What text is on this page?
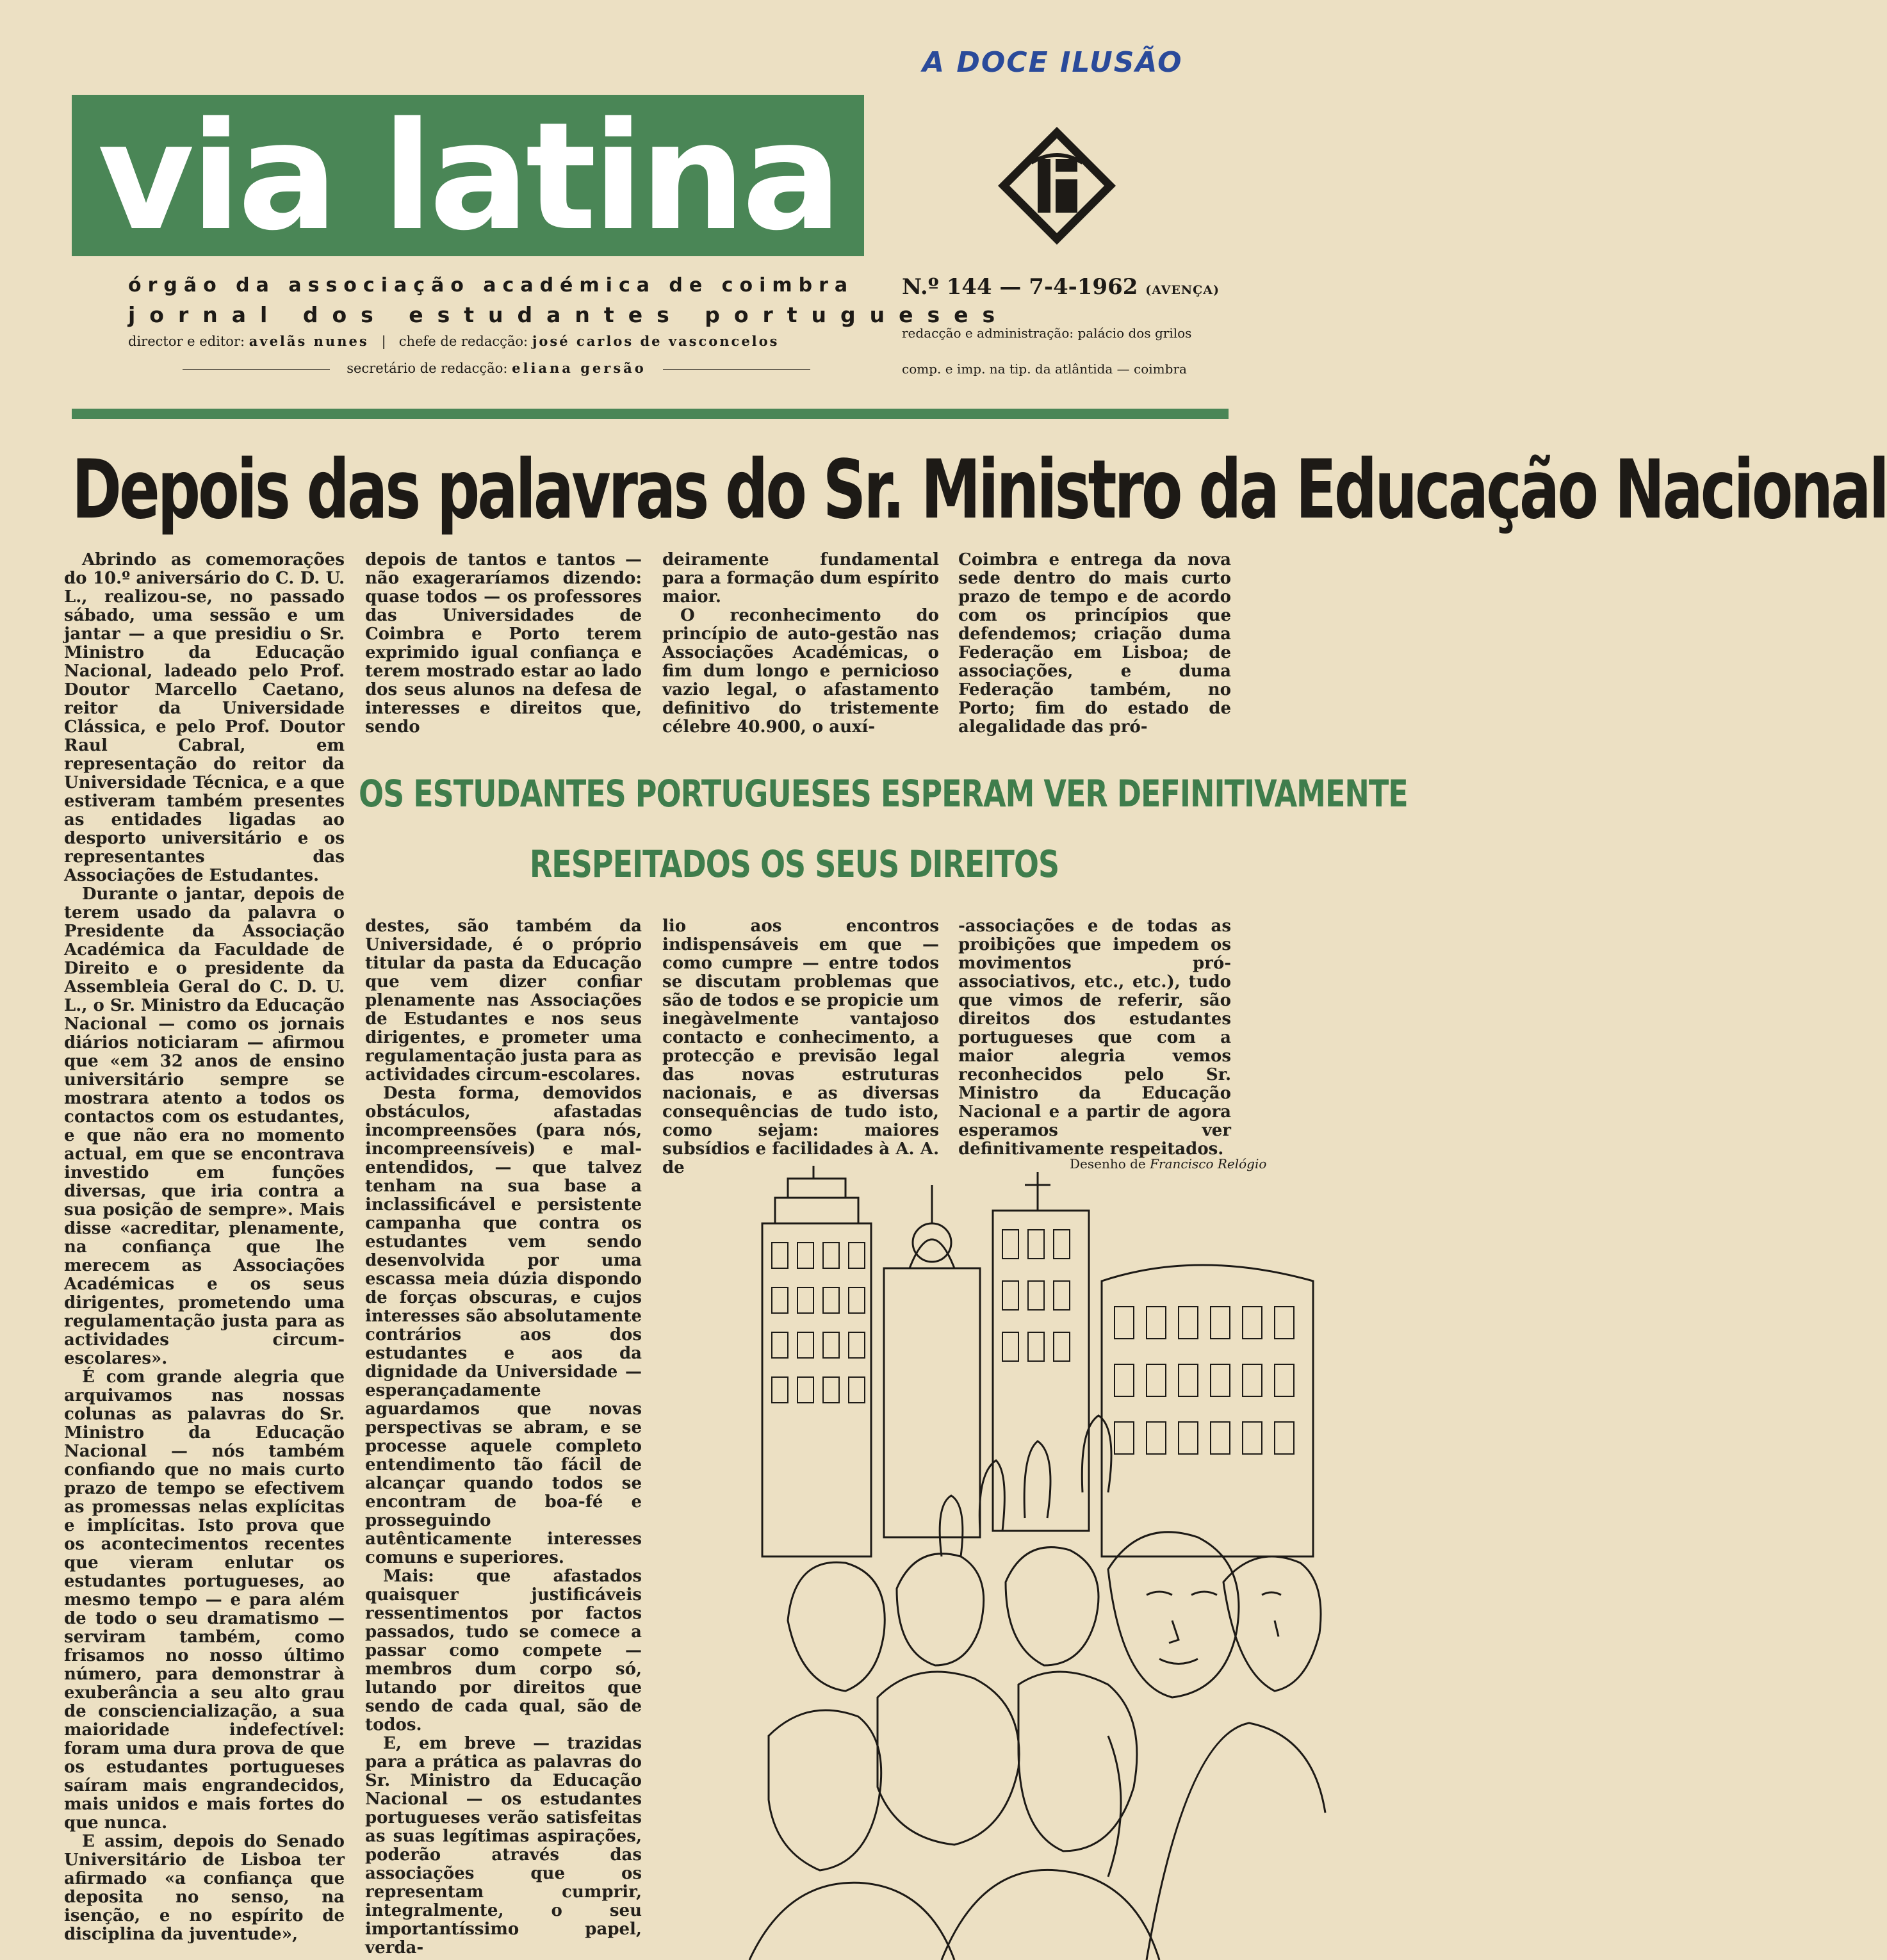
A DOCE ILUSÃO
via latina
órgão da associação académica de coimbra
jornal dos estudantes portugueses
director e editor: avelãs nunes   |   chefe de redacção: josé carlos de vasconcelos
secretário de redacção: eliana gersão
N.º 144 — 7-4-1962 (AVENÇA)
redacção e administração: palácio dos grilos
comp. e imp. na tip. da atlântida — coimbra
Depois das palavras do Sr. Ministro da Educação Nacional

Abrindo as comemorações do 10.º aniversário do C. D. U. L., realizou-se, no passado sábado, uma sessão e um jantar — a que presidiu o Sr. Ministro da Educação Nacional, ladeado pelo Prof. Doutor Marcello Caetano, reitor da Universidade Clássica, e pelo Prof. Doutor Raul Cabral, em representação do reitor da Universidade Técnica, e a que estiveram também presentes as entidades ligadas ao desporto universitário e os representantes das Associações de Estudantes.

Durante o jantar, depois de terem usado da palavra o Presidente da Associação Académica da Faculdade de Direito e o presidente da Assembleia Geral do C. D. U. L., o Sr. Ministro da Educação Nacional — como os jornais diários noticiaram — afirmou que «em 32 anos de ensino universitário sempre se mostrara atento a todos os contactos com os estudantes, e que não era no momento actual, em que se encontrava investido em funções diversas, que iria contra a sua posição de sempre». Mais disse «acreditar, plenamente, na confiança que lhe merecem as Associações Académicas e os seus dirigentes, prometendo uma regulamentação justa para as actividades circum-escolares».

É com grande alegria que arquivamos nas nossas colunas as palavras do Sr. Ministro da Educação Nacional — nós também confiando que no mais curto prazo de tempo se efectivem as promessas nelas explícitas e implícitas. Isto prova que os acontecimentos recentes que vieram enlutar os estudantes portugueses, ao mesmo tempo — e para além de todo o seu dramatismo — serviram também, como frisamos no nosso último número, para demonstrar à exuberância a seu alto grau de consciencialização, a sua maioridade indefectível: foram uma dura prova de que os estudantes portugueses saíram mais engrandecidos, mais unidos e mais fortes do que nunca.

E assim, depois do Senado Universitário de Lisboa ter afirmado «a confiança que deposita no senso, na isenção, e no espírito de disciplina da juventude»,

depois de tantos e tantos — não exageraríamos dizendo: quase todos — os professores das Universidades de Coimbra e Porto terem exprimido igual confiança e terem mostrado estar ao lado dos seus alunos na defesa de interesses e direitos que, sendo

deiramente fundamental para a formação dum espírito maior.

O reconhecimento do princípio de auto-gestão nas Associações Académicas, o fim dum longo e pernicioso vazio legal, o afastamento definitivo do tristemente célebre 40.900, o auxí-

Coimbra e entrega da nova sede dentro do mais curto prazo de tempo e de acordo com os princípios que defendemos; criação duma Federação em Lisboa; de associações, e duma Federação também, no Porto; fim do estado de alegalidade das pró-

OS ESTUDANTES PORTUGUESES ESPERAM VER DEFINITIVAMENTE
RESPEITADOS OS SEUS DIREITOS

destes, são também da Universidade, é o próprio titular da pasta da Educação que vem dizer confiar plenamente nas Associações de Estudantes e nos seus dirigentes, e prometer uma regulamentação justa para as actividades circum-escolares.

Desta forma, demovidos obstáculos, afastadas incompreensões (para nós, incompreensíveis) e mal-entendidos, — que talvez tenham na sua base a inclassificável e persistente campanha que contra os estudantes vem sendo desenvolvida por uma escassa meia dúzia dispondo de forças obscuras, e cujos interesses são absolutamente contrários aos dos estudantes e aos da dignidade da Universidade — esperançadamente aguardamos que novas perspectivas se abram, e se processe aquele completo entendimento tão fácil de alcançar quando todos se encontram de boa-fé e prosseguindo autênticamente interesses comuns e superiores.

Mais: que afastados quaisquer justificáveis ressentimentos por factos passados, tudo se comece a passar como compete — membros dum corpo só, lutando por direitos que sendo de cada qual, são de todos.

E, em breve — trazidas para a prática as palavras do Sr. Ministro da Educação Nacional — os estudantes portugueses verão satisfeitas as suas legítimas aspirações, poderão através das associações que os representam cumprir, integralmente, o seu importantíssimo papel, verda-

lio aos encontros indispensáveis em que — como cumpre — entre todos se discutam problemas que são de todos e se propicie um inegàvelmente vantajoso contacto e conhecimento, a protecção e previsão legal das novas estruturas nacionais, e as diversas consequências de tudo isto, como sejam: maiores subsídios e facilidades à A. A. de

-associações e de todas as proibições que impedem os movimentos pró-associativos, etc., etc.), tudo que vimos de referir, são direitos dos estudantes portugueses que com a maior alegria vemos reconhecidos pelo Sr. Ministro da Educação Nacional e a partir de agora esperamos ver definitivamente respeitados.

Desenho de Francisco Relógio
